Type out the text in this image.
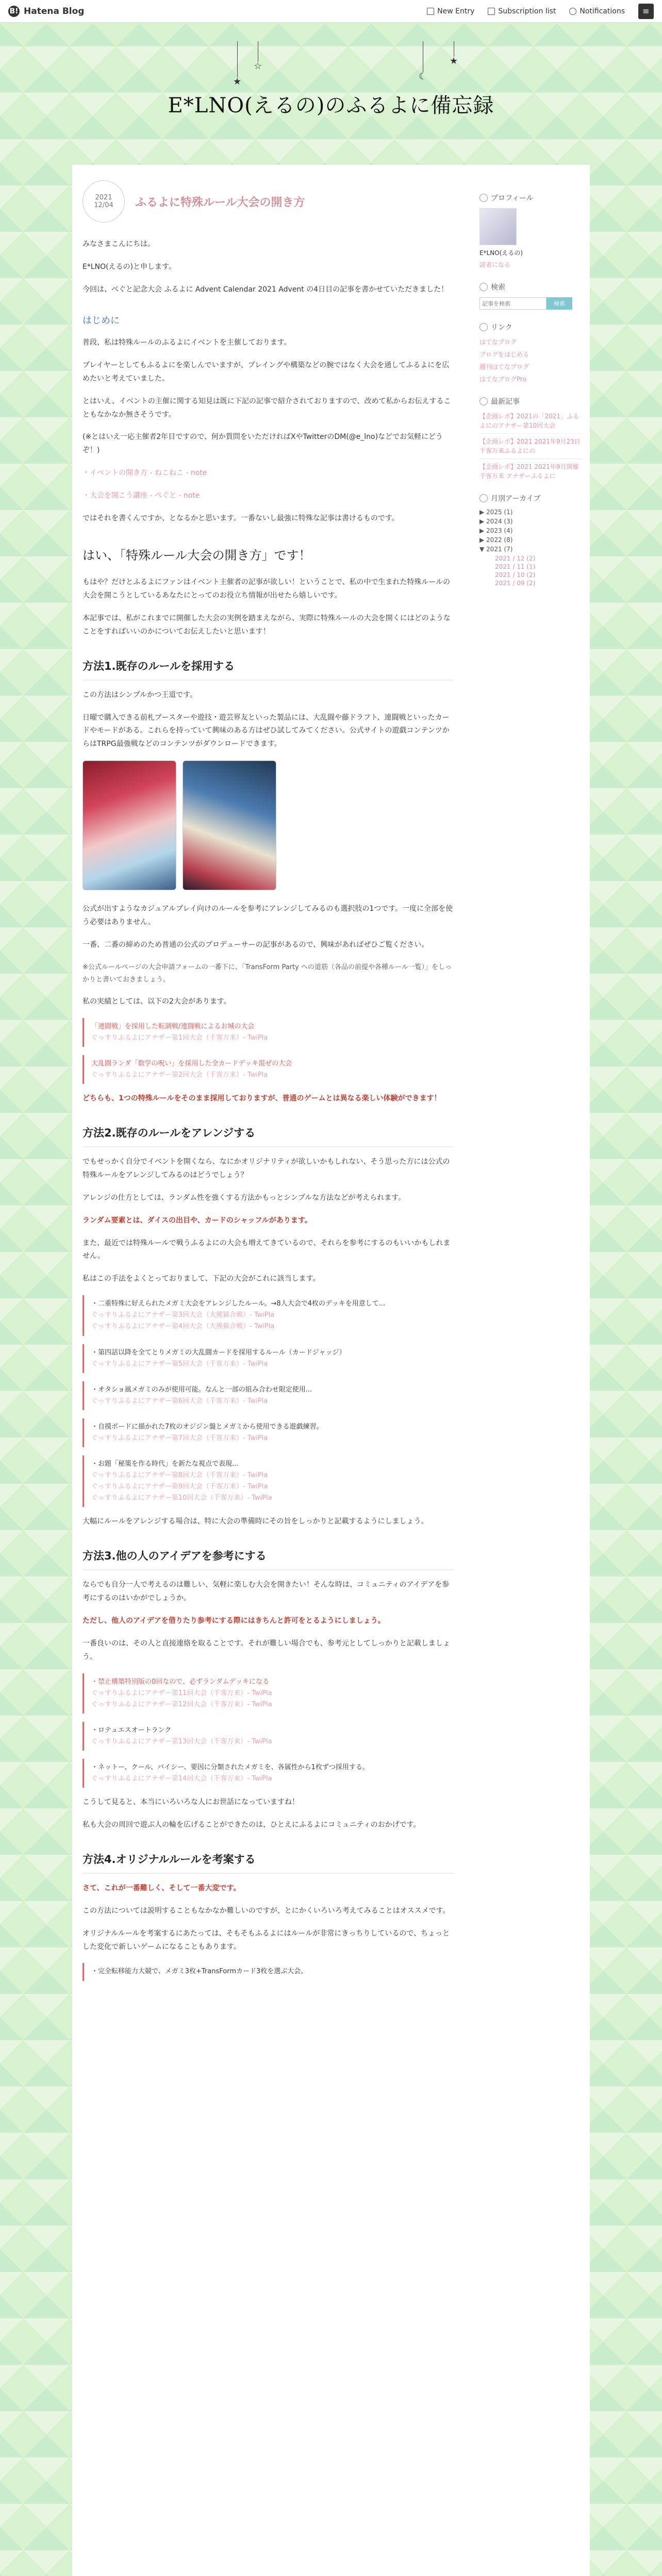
B! Hatena Blog	New Entry	Subscription list	Notifications ≡
★
☆
☾
★
E*LNO(えるの)のふるよに備忘録
2021
12/04	ふるよに特殊ルール大会の開き方

みなさまこんにちは。

E*LNO(えるの)と申します。

今回は、ぺぐと記念大会 ふるよに Advent Calendar 2021 Advent の4日目の記事を書かせていただきました！

はじめに

普段、私は特殊ルールのふるよにイベントを主催しております。

プレイヤーとしてもふるよにを楽しんでいますが、プレイングや構築などの腕ではなく大会を通してふるよにを広めたいと考えていました。

とはいえ、イベントの主催に関する知見は既に下記の記事で紹介されておりますので、改めて私からお伝えすることもなかなか無さそうです。

(※とはいえ一応主催者2年目ですので、何か質問をいただければXやTwitterのDM(@e_lno)などでお気軽にどうぞ！)

・イベントの開き方 - ねこねこ - note

・大会を開こう講座 - ぺぐと - note

ではそれを書くんですか、となるかと思います。一番ないし最強に特殊な記事は書けるものです。

はい、「特殊ルール大会の開き方」です！

もはや？だけとふるよにファンはイベント主催者の記事が欲しい！ということで、私の中で生まれた特殊ルールの大会を開こうとしているあなたにとってのお役立ち情報が出せたら嬉しいです。

本記事では、私がこれまでに開催した大会の実例を踏まえながら、実際に特殊ルールの大会を開くにはどのようなことをすればいいのかについてお伝えしたいと思います！

方法1.既存のルールを採用する

この方法はシンプルかつ王道です。

日曜で購入できる前札ブースターや遊技・遊芸界友といった製品には、大乱闘や藤ドラフト、連闘戦といったカードやモードがある。これらを持っていて興味のある方はぜひ試してみてください。公式サイトの遊戯コンテンツからはTRPG最強戦などのコンテンツがダウンロードできます。

公式が出すようなカジュアルプレイ向けのルールを参考にアレンジしてみるのも選択肢の1つです。一度に全部を使う必要はありません。

一番、二番の締めのため普通の公式のプロデューサーの記事があるので、興味があればぜひご覧ください。

※公式ルールページの大会申請フォームの一番下に、「TransForm Party への道筋（各品の前提や各種ルール一覧）」をしっかりと書いておきましょう。

私の実績としては、以下の2大会があります。

「連闘戦」を採用した転調戦/連闘戦によるお城の大会
ぐっすりふるよにアナザー第1回大会（千客万来）- TwiPla
大乱闘ランダ「数学の呪い」を採用した全カードデッキ混ぜの大会
ぐっすりふるよにアナザー第2回大会（千客万来）- TwiPla

どちらも、1つの特殊ルールをそのまま採用しておりますが、普通のゲームとは異なる楽しい体験ができます！

方法2.既存のルールをアレンジする

でもせっかく自分でイベントを開くなら、なにかオリジナリティが欲しいかもしれない、そう思った方には公式の特殊ルールをアレンジしてみるのはどうでしょう？

アレンジの仕方としては、ランダム性を強くする方法かもっとシンプルな方法などが考えられます。

ランダム要素とは、ダイスの出目や、カードのシャッフルがあります。

また、最近では特殊ルールで戦うふるよにの大会も増えてきているので、それらを参考にするのもいいかもしれません。

私はこの手法をよくとっておりまして、下記の大会がこれに該当します。

・二重特殊に好えられたメガミ大会をアレンジしたルール。→8人大会で4枚のデッキを用意して...
ぐっすりふるよにアナザー第3回大会（大熊猫合戦）- TwiPla
ぐっすりふるよにアナザー第4回大会（大熊猫合戦）- TwiPla
・第四話以降を全てとりメガミの大乱闘カードを採用するルール（カードジャッジ）
ぐっすりふるよにアナザー第5回大会（千客万来）- TwiPla
・オタショ風メガミのみが使用可能。なんと一部の組み合わせ限定使用...
ぐっすりふるよにアナザー第6回大会（千客万来）- TwiPla
・自摸ボードに描かれた7枚のオジジン盤とメガミから使用できる遊戯練習。
ぐっすりふるよにアナザー第7回大会（千客万来）- TwiPla
・お題「秘策を作る時代」を新たな視点で表現...
ぐっすりふるよにアナザー第8回大会（千客万来）- TwiPla
ぐっすりふるよにアナザー第9回大会（千客万来）- TwiPla
ぐっすりふるよにアナザー第10回大会（千客万来）- TwiPla

大幅にルールをアレンジする場合は、特に大会の準備時にその旨をしっかりと記載するようにしましょう。

方法3.他の人のアイデアを参考にする

ならでも自分一人で考えるのは難しい、気軽に楽しむ大会を開きたい！そんな時は、コミュニティのアイデアを参考にするのはいかがでしょうか。

ただし、他人のアイデアを借りたり参考にする際にはきちんと許可をとるようにしましょう。

一番良いのは、その人と直接連絡を取ることです。それが難しい場合でも、参考元としてしっかりと記載しましょう。

・禁止構築特別版の0回なので、必ずランダムデッキになる
ぐっすりふるよにアナザー第11回大会（千客万来）- TwiPla
ぐっすりふるよにアナザー第12回大会（千客万来）- TwiPla
・ロテュエスオートランク
ぐっすりふるよにアナザー第13回大会（千客万来）- TwiPla
・ネットー、クール、パイシー、要因に分類されたメガミを、各属性から1枚ずつ採用する。
ぐっすりふるよにアナザー第14回大会（千客万来）- TwiPla

こうして見ると、本当にいろいろな人にお世話になっていますね！

私も大会の周回で遊ぶ人の輪を広げることができたのは、ひとえにふるよにコミュニティのおかげです。

方法4.オリジナルルールを考案する

さて、これが一番難しく、そして一番大変です。

この方法については説明することもなかなか難しいのですが、とにかくいろいろ考えてみることはオススメです。

オリジナルルールを考案するにあたっては、そもそもふるよにはルールが非常にきっちりしているので、ちょっとした変化で新しいゲームになることもあります。

・完全転移能力大競で、メガミ3枚+TransFormカード3枚を選ぶ大会。
プロフィール
E*LNO(えるの)
読者になる
検索
記事を検索
検索
リンク
はてなブログ
ブログをはじめる
週刊はてなブログ
はてなブログPro
最新記事
【企画レポ】2021の「2021」ふるよにのアナザー第10回大会
【企画レポ】2021 2021年9月23日 千客万来ふるよにの
【企画レポ】2021 2021年9月開催 千客万来 アナザーふるよに
月別アーカイブ
▶ 2025 (1)
▶ 2024 (3)
▶ 2023 (4)
▶ 2022 (8)
▼ 2021 (7)
2021 / 12 (2)
2021 / 11 (1)
2021 / 10 (2)
2021 / 09 (2)
